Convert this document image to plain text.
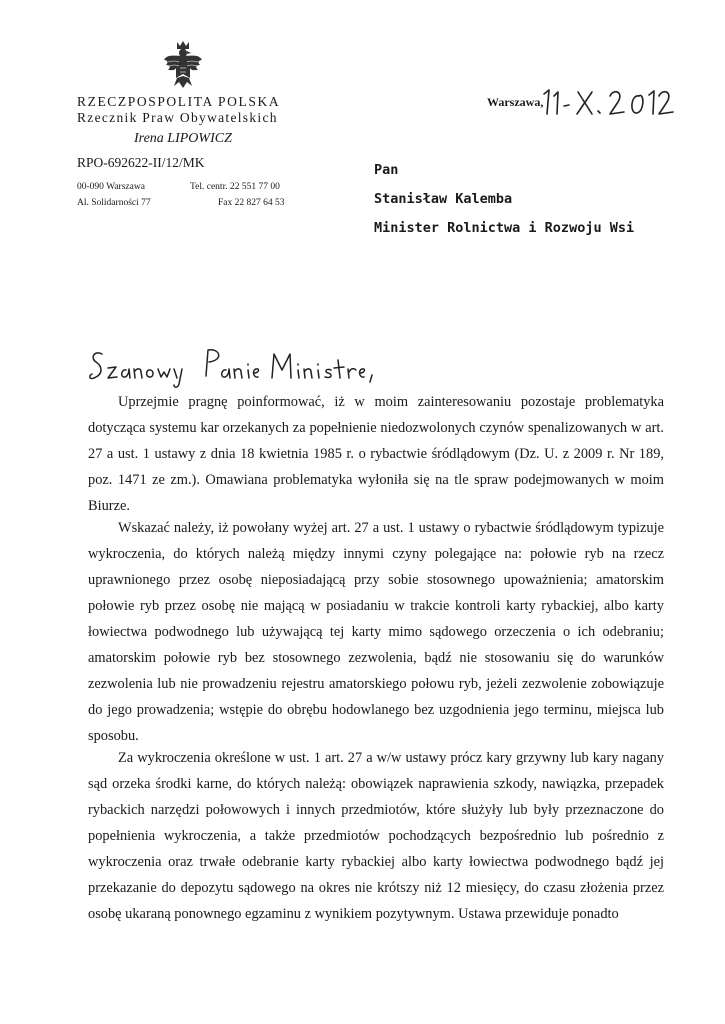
RZECZPOSPOLITA POLSKA
Rzecznik Praw Obywatelskich
Irena LIPOWICZ
RPO-692622-II/12/MK
00-090 Warszawa	Tel. centr. 22 551 77 00
Al. Solidarności 77	Fax 22 827 64 53
Warszawa,
Pan
Stanisław Kalemba
Minister Rolnictwa i Rozwoju Wsi

Uprzejmie pragnę poinformować, iż w moim zainteresowaniu pozostaje problematyka dotycząca systemu kar orzekanych za popełnienie niedozwolonych czynów spenalizowanych w art. 27 a ust. 1 ustawy z dnia 18 kwietnia 1985 r. o rybactwie śródlądowym (Dz. U. z 2009 r. Nr 189, poz. 1471 ze zm.). Omawiana problematyka wyłoniła się na tle spraw podejmowanych w moim Biurze.

Wskazać należy, iż powołany wyżej art. 27 a ust. 1 ustawy o rybactwie śródlądowym typizuje wykroczenia, do których należą między innymi czyny polegające na: połowie ryb na rzecz uprawnionego przez osobę nieposiadającą przy sobie stosownego upoważnienia; amatorskim połowie ryb przez osobę nie mającą w posiadaniu w trakcie kontroli karty rybackiej, albo karty łowiectwa podwodnego lub używającą tej karty mimo sądowego orzeczenia o ich odebraniu; amatorskim połowie ryb bez stosownego zezwolenia, bądź nie stosowaniu się do warunków zezwolenia lub nie prowadzeniu rejestru amatorskiego połowu ryb, jeżeli zezwolenie zobowiązuje do jego prowadzenia; wstępie do obrębu hodowlanego bez uzgodnienia jego terminu, miejsca lub sposobu.

Za wykroczenia określone w ust. 1 art. 27 a w/w ustawy prócz kary grzywny lub kary nagany sąd orzeka środki karne, do których należą: obowiązek naprawienia szkody, nawiązka, przepadek rybackich narzędzi połowowych i innych przedmiotów, które służyły lub były przeznaczone do popełnienia wykroczenia, a także przedmiotów pochodzących bezpośrednio lub pośrednio z wykroczenia oraz trwałe odebranie karty rybackiej albo karty łowiectwa podwodnego bądź jej przekazanie do depozytu sądowego na okres nie krótszy niż 12 miesięcy, do czasu złożenia przez osobę ukaraną ponownego egzaminu z wynikiem pozytywnym. Ustawa przewiduje ponadto
